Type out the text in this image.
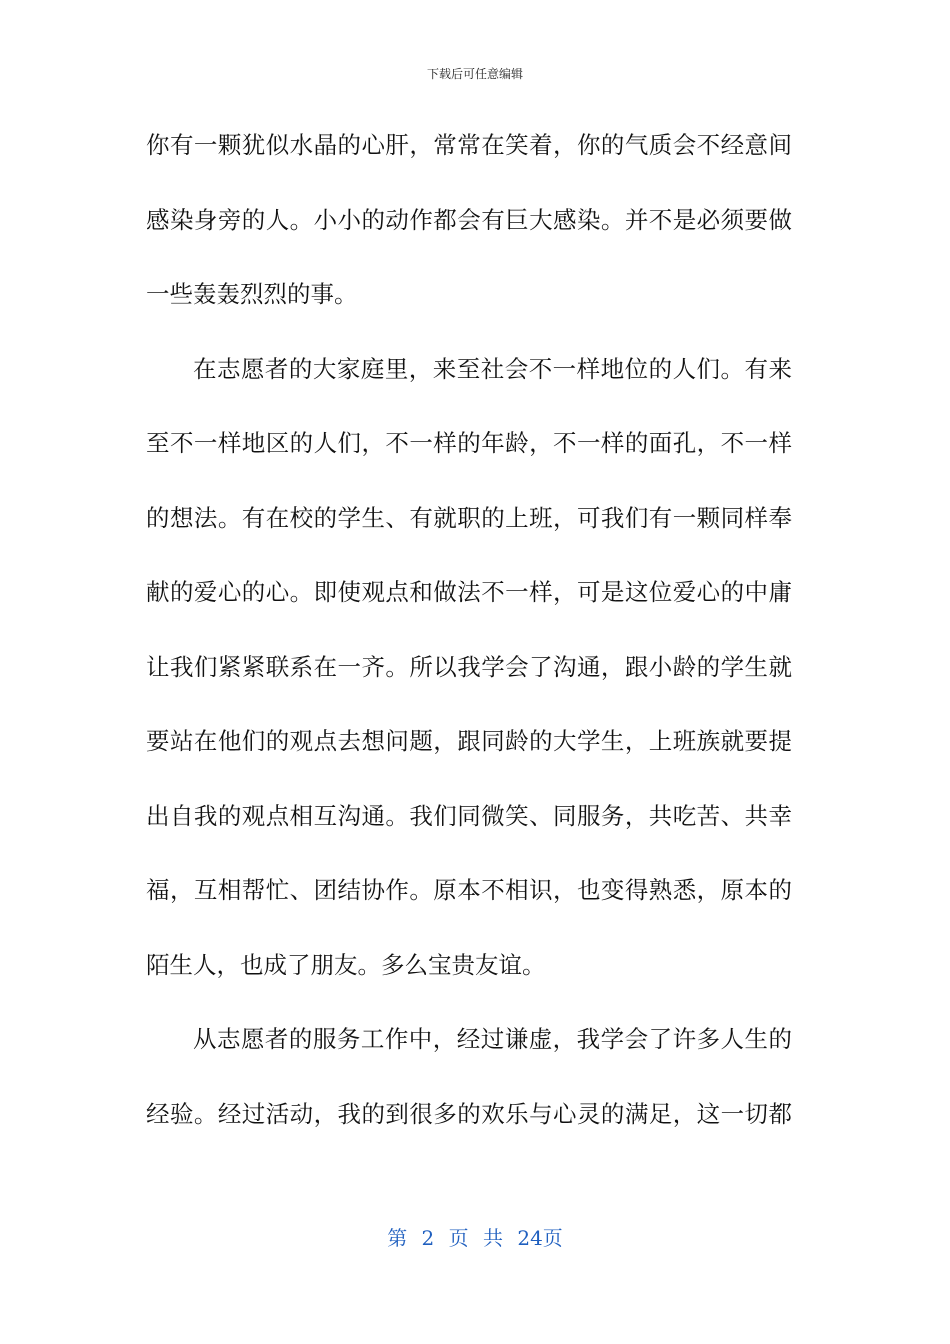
下载后可任意编辑
你有一颗犹似水晶的心肝，常常在笑着，你的气质会不经意间
感染身旁的人。小小的动作都会有巨大感染。并不是必须要做
一些轰轰烈烈的事。
在志愿者的大家庭里，来至社会不一样地位的人们。有来
至不一样地区的人们，不一样的年龄，不一样的面孔，不一样
的想法。有在校的学生、有就职的上班，可我们有一颗同样奉
献的爱心的心。即使观点和做法不一样，可是这位爱心的中庸
让我们紧紧联系在一齐。所以我学会了沟通，跟小龄的学生就
要站在他们的观点去想问题，跟同龄的大学生，上班族就要提
出自我的观点相互沟通。我们同微笑、同服务，共吃苦、共幸
福，互相帮忙、团结协作。原本不相识，也变得熟悉，原本的
陌生人，也成了朋友。多么宝贵友谊。
从志愿者的服务工作中，经过谦虚，我学会了许多人生的
经验。经过活动，我的到很多的欢乐与心灵的满足，这一切都
第 2 页 共 24页
